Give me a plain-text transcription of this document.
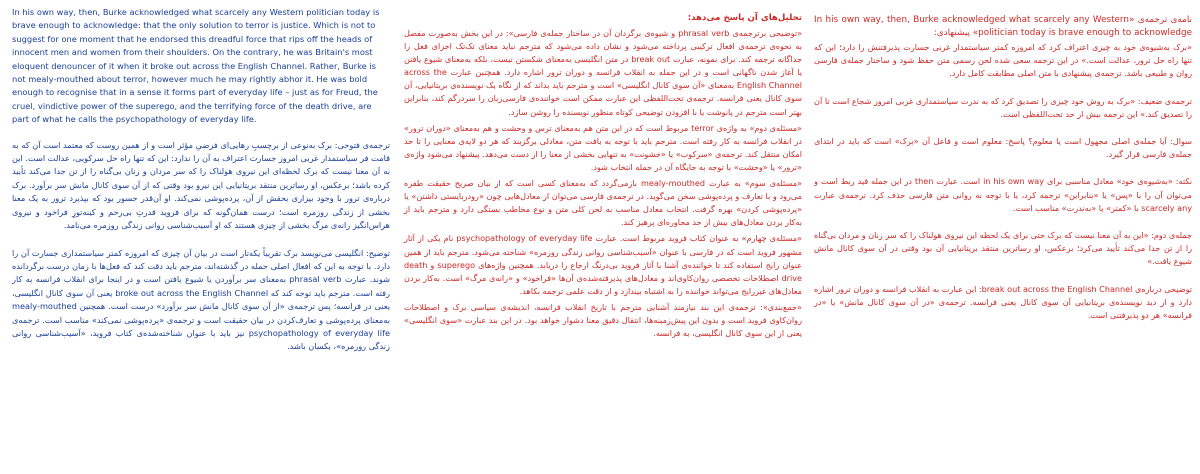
In his own way, then, Burke acknowledged what scarcely any Western politician today is brave enough to acknowledge: that the only solution to terror is justice. Which is not to suggest for one moment that he endorsed this dreadful force that rips off the heads of innocent men and women from their shoulders. On the contrary, he was Britain's most eloquent denouncer of it when it broke out across the English Channel. Rather, Burke is not mealy-mouthed about terror, however much he may rightly abhor it. He was bold enough to recognise that in a sense it forms part of everyday life – just as for Freud, the cruel, vindictive power of the superego, and the terrifying force of the death drive, are part of what he calls the psychopathology of everyday life.

ترجمه‌ی فتوحی: برک به‌نوعی از برچسبِ رهایی‌ای فرضیِ مؤثر است و از همین روست که معتمد است آن که به قامت فر سیاستمدار غربی امروز جسارت اعتراف به آن را ندارد: این که تنها راه حل سرکوبی، عدالت است. این به آن معنا نیست که برک لحظه‌ای این نیروی هولناک را که سر مردان و زنان بی‌گناه را از تن جدا می‌کند تأیید کرده باشد؛ برعکس، او رسا‌ترین منتقد بریتانیایی این نیرو بود وقتی که از آن سوی کانال مانش سر برآورد. برک درباره‌ی ترور با وجود بیزاری بحقش از آن، پرده‌پوشی نمی‌کند. او آن‌قدر جسور بود که بپذیرد ترور به یک معنا بخشی از زندگی روزمره است؛ درست همان‌گونه که برای فروید قدرتِ بی‌رحم و کینه‌توزِ فراخود و نیروی هراس‌انگیز رانه‌ی مرگ بخشی از چیزی هستند که او آسیب‌شناسی روانی زندگی روزمره می‌نامد.

توضیح: انگلیسی می‌نویسد برک تقریباً یکه‌تاز است در بیان آن چیزی که امروزه کمتر سیاستمداری جسارت آن را دارد. با توجه به این که افعال اصلی جمله در گذشته‌اند، مترجم باید دقت کند که فعل‌ها با زمان درست برگردانده شوند. عبارت phrasal verb به‌معنای سر برآوردن یا شیوع یافتن است و در اینجا برای انقلاب فرانسه به کار رفته است. مترجم باید توجه کند که broke out across the English Channel یعنی آن سوی کانال انگلیسی، یعنی در فرانسه؛ پس ترجمه‌ی «از آن سوی کانال مانش سر برآورد» درست است. همچنین mealy-mouthed به‌معنای پرده‌پوشی و تعارف‌کردن در بیان حقیقت است و ترجمه‌ی «پرده‌پوشی نمی‌کند» مناسب است. ترجمه‌ی psychopathology of everyday life نیز باید با عنوان شناخته‌شده‌ی کتاب فروید، «آسیب‌شناسی روانی زندگی روزمره»، یکسان باشد.

تحلیل‌های آن پاسخ می‌دهد:

«توضیحی برترجمه‌ی phrasal verb و شیوه‌ی برگردان آن در ساختار جمله‌ی فارسی»: در این بخش به‌صورت مفصل به نحوه‌ی ترجمه‌ی افعال ترکیبی پرداخته می‌شود و نشان داده می‌شود که مترجم نباید معنای تک‌تک اجزای فعل را جداگانه ترجمه کند. برای نمونه، عبارت break out در متن انگلیسی به‌معنای شکستن نیست، بلکه به‌معنای شیوع یافتن یا آغاز شدن ناگهانی است و در این جمله به انقلاب فرانسه و دوران ترور اشاره دارد. همچنین عبارت across the English Channel به‌معنای «آن سوی کانال انگلیسی» است و مترجم باید بداند که از نگاه یک نویسنده‌ی بریتانیایی، آن سوی کانال یعنی فرانسه. ترجمه‌ی تحت‌اللفظی این عبارت ممکن است خواننده‌ی فارسی‌زبان را سردرگم کند، بنابراین بهتر است مترجم در پانوشت یا با افزودن توضیحی کوتاه منظور نویسنده را روشن سازد.

«مسئله‌ی دوم» به واژه‌ی terror مربوط است که در این متن هم به‌معنای ترس و وحشت و هم به‌معنای «دوران ترور» در انقلاب فرانسه به کار رفته است. مترجم باید با توجه به بافت متن، معادلی برگزیند که هر دو لایه‌ی معنایی را تا حد امکان منتقل کند. ترجمه‌ی «سرکوب» یا «خشونت» به تنهایی بخشی از معنا را از دست می‌دهد. پیشنهاد می‌شود واژه‌ی «ترور» یا «وحشت» با توجه به جایگاه آن در جمله انتخاب شود.

«مسئله‌ی سوم» به عبارت mealy-mouthed بازمی‌گردد که به‌معنای کسی است که از بیان صریح حقیقت طفره می‌رود و با تعارف و پرده‌پوشی سخن می‌گوید. در ترجمه‌ی فارسی می‌توان از معادل‌هایی چون «رودربایستی داشتن» یا «پرده‌پوشی کردن» بهره گرفت. انتخاب معادل مناسب به لحن کلی متن و نوع مخاطب بستگی دارد و مترجم باید از به‌کار بردن معادل‌های بیش از حد محاوره‌ای پرهیز کند.

«مسئله‌ی چهارم» به عنوان کتاب فروید مربوط است. عبارت psychopathology of everyday life نام یکی از آثار مشهور فروید است که در فارسی با عنوان «آسیب‌شناسی روانی زندگی روزمره» شناخته می‌شود. مترجم باید از همین عنوان رایج استفاده کند تا خواننده‌ی آشنا با آثار فروید بی‌درنگ ارجاع را دریابد. همچنین واژه‌های superego و death drive اصطلاحات تخصصی روان‌کاوی‌اند و معادل‌های پذیرفته‌شده‌ی آن‌ها «فراخود» و «رانه‌ی مرگ» است. به‌کار بردن معادل‌های غیررایج می‌تواند خواننده را به اشتباه بیندازد و از دقت علمی ترجمه بکاهد.

«جمع‌بندی»: ترجمه‌ی این بند نیازمند آشنایی مترجم با تاریخ انقلاب فرانسه، اندیشه‌ی سیاسی برک و اصطلاحات روان‌کاوی فروید است و بدون این پیش‌زمینه‌ها، انتقال دقیق معنا دشوار خواهد بود. در این بند عبارت «سوی انگلیسی» یعنی از این سوی کانال انگلیسی، به فرانسه.

نامه‌ی ترجمه‌ی «In his own way, then, Burke acknowledged what scarcely any Western politician today is brave enough to acknowledge» پیشنهادی:

«برک به‌شیوه‌ی خود به چیزی اعتراف کرد که امروزه کمتر سیاستمدار غربی جسارت پذیرفتنش را دارد؛ این که تنها راه حل ترور، عدالت است.» در این ترجمه سعی شده لحن رسمی متن حفظ شود و ساختار جمله‌ی فارسی روان و طبیعی باشد. ترجمه‌ی پیشنهادی با متن اصلی مطابقت کامل دارد.

ترجمه‌ی ضعیف: «برک به روش خود چیزی را تصدیق کرد که به ندرت سیاستمداری غربی امروز شجاع است تا آن را تصدیق کند.» این ترجمه بیش از حد تحت‌اللفظی است.

سوال: آیا جمله‌ی اصلی مجهول است یا معلوم؟ پاسخ: معلوم است و فاعل آن «برک» است که باید در ابتدای جمله‌ی فارسی قرار گیرد.

نکته: «به‌شیوه‌ی خود» معادل مناسبی برای in his own way است. عبارت then در این جمله قید ربط است و می‌توان آن را با «پس» یا «بنابراین» ترجمه کرد، یا با توجه به روانی متن فارسی حذف کرد. ترجمه‌ی عبارت scarcely any با «کمتر» یا «به‌ندرت» مناسب است.

جمله‌ی دوم: «این به آن معنا نیست که برک حتی برای یک لحظه این نیروی هولناک را که سر زنان و مردان بی‌گناه را از تن جدا می‌کند تأیید می‌کرد؛ برعکس، او رساترین منتقد بریتانیایی آن بود وقتی در آن سوی کانال مانش شیوع یافت.»

توضیحی درباره‌ی break out across the English Channel: این عبارت به انقلاب فرانسه و دوران ترور اشاره دارد و از دید نویسنده‌ی بریتانیایی آن سوی کانال یعنی فرانسه. ترجمه‌ی «در آن سوی کانال مانش» یا «در فرانسه» هر دو پذیرفتنی است.
